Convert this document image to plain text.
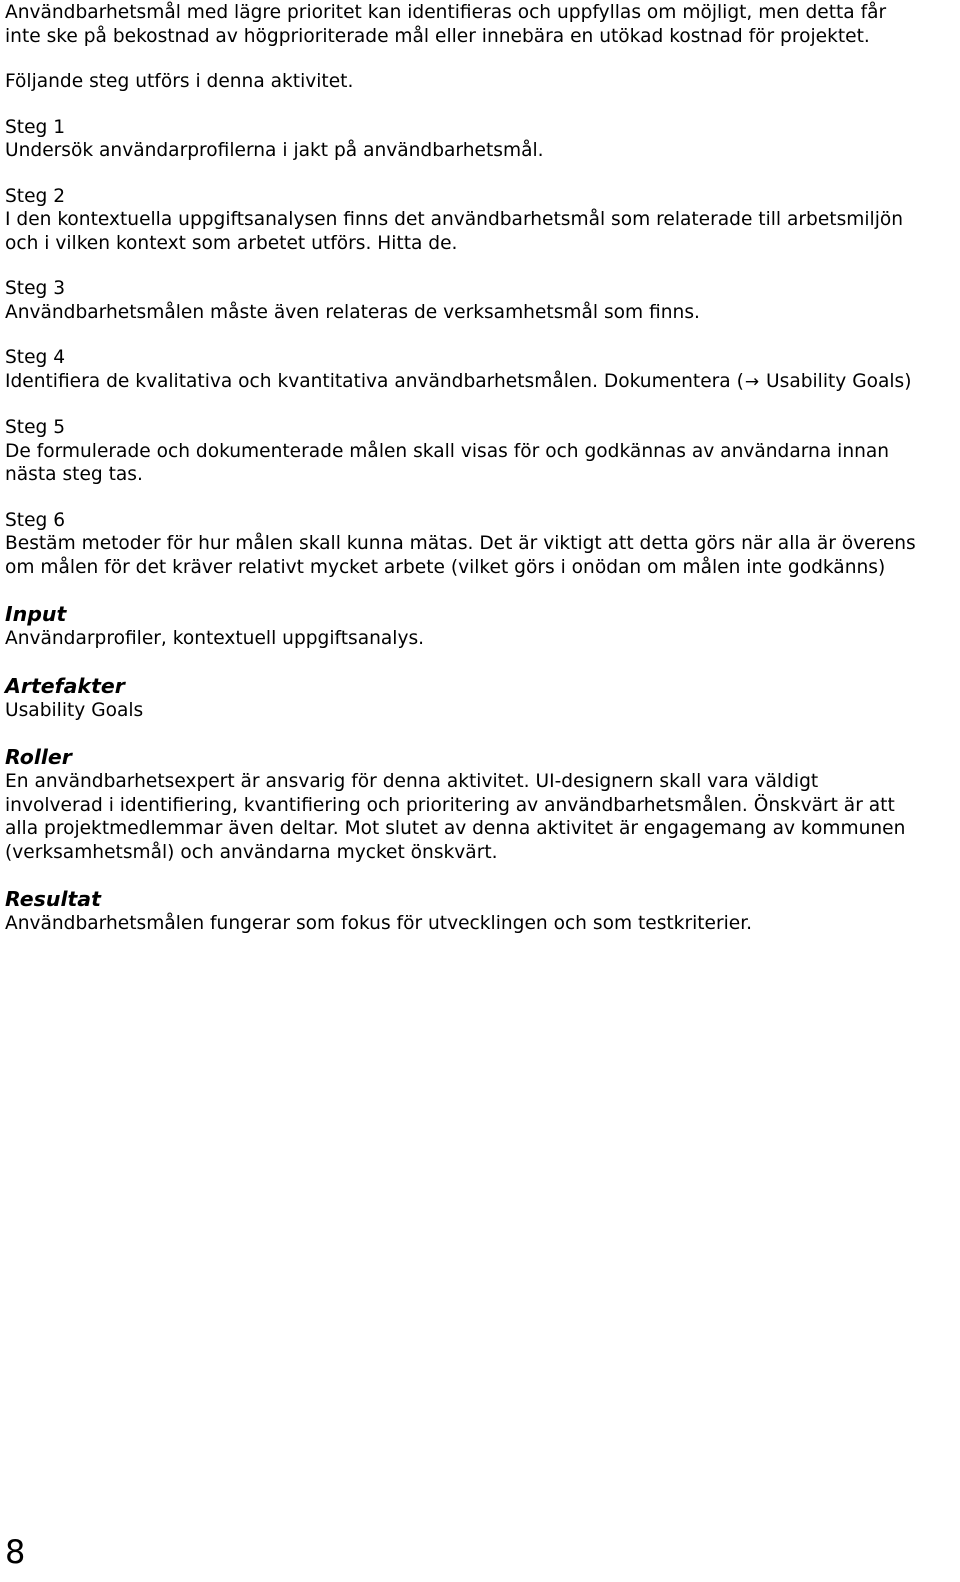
Användbarhetsmål med lägre prioritet kan identifieras och uppfyllas om möjligt, men detta får
inte ske på bekostnad av högprioriterade mål eller innebära en utökad kostnad för projektet.

Följande steg utförs i denna aktivitet.

Steg 1

Undersök användarprofilerna i jakt på användbarhetsmål.

Steg 2

I den kontextuella uppgiftsanalysen finns det användbarhetsmål som relaterade till arbetsmiljön
och i vilken kontext som arbetet utförs. Hitta de.

Steg 3

Användbarhetsmålen måste även relateras de verksamhetsmål som finns.

Steg 4

Identifiera de kvalitativa och kvantitativa användbarhetsmålen. Dokumentera (→ Usability Goals)

Steg 5

De formulerade och dokumenterade målen skall visas för och godkännas av användarna innan
nästa steg tas.

Steg 6

Bestäm metoder för hur målen skall kunna mätas. Det är viktigt att detta görs när alla är överens
om målen för det kräver relativt mycket arbete (vilket görs i onödan om målen inte godkänns)

Input

Användarprofiler, kontextuell uppgiftsanalys.

Artefakter

Usability Goals

Roller

En användbarhetsexpert är ansvarig för denna aktivitet. UI-designern skall vara väldigt
involverad i identifiering, kvantifiering och prioritering av användbarhetsmålen. Önskvärt är att
alla projektmedlemmar även deltar. Mot slutet av denna aktivitet är engagemang av kommunen
(verksamhetsmål) och användarna mycket önskvärt.

Resultat

Användbarhetsmålen fungerar som fokus för utvecklingen och som testkriterier.

8
